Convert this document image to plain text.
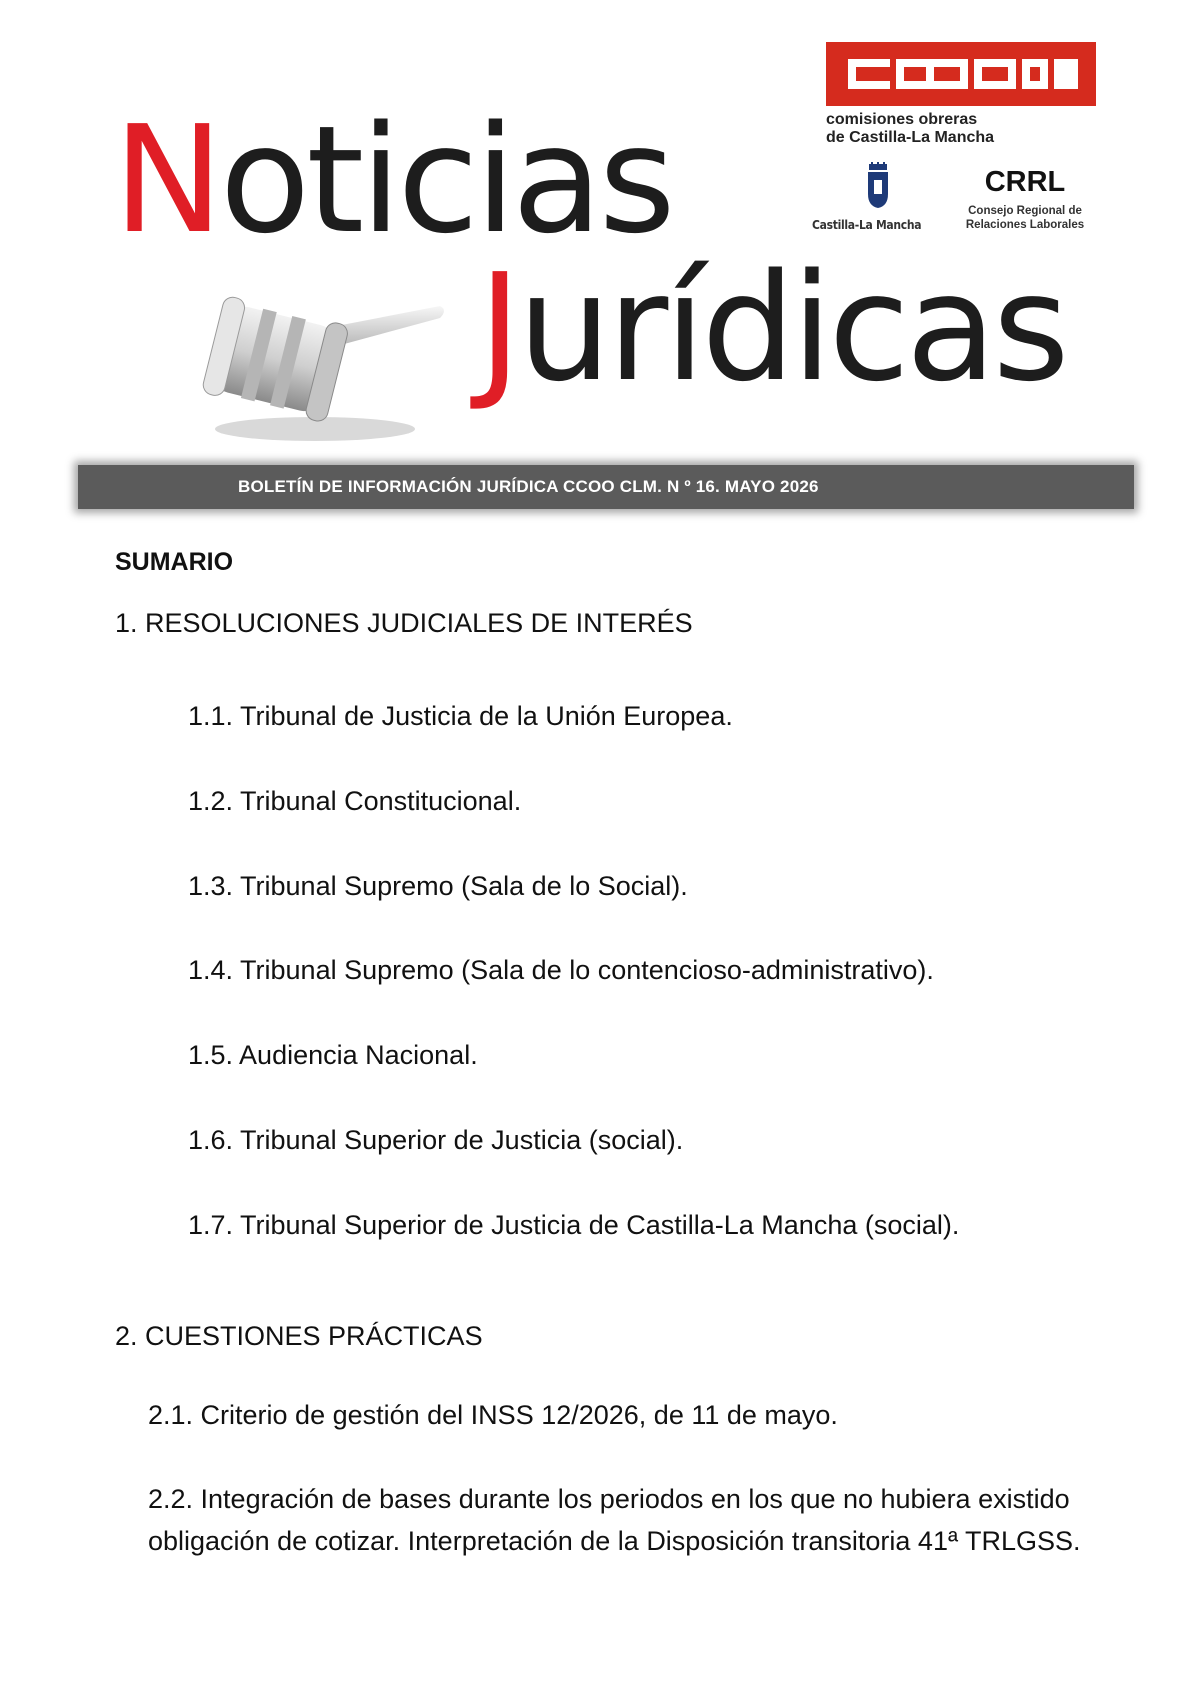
comisiones obreras
de Castilla-La Mancha
Castilla-La Mancha
CRRL
Consejo Regional de
Relaciones Laborales
Noticias
Jurídicas
BOLETÍN DE INFORMACIÓN JURÍDICA CCOO CLM. N º 16. MAYO 2026
SUMARIO
1. RESOLUCIONES JUDICIALES DE INTERÉS
1.1. Tribunal de Justicia de la Unión Europea.
1.2. Tribunal Constitucional.
1.3. Tribunal Supremo (Sala de lo Social).
1.4. Tribunal Supremo (Sala de lo contencioso-administrativo).
1.5. Audiencia Nacional.
1.6. Tribunal Superior de Justicia (social).
1.7. Tribunal Superior de Justicia de Castilla-La Mancha (social).
2. CUESTIONES PRÁCTICAS
2.1. Criterio de gestión del INSS 12/2026, de 11 de mayo.
2.2. Integración de bases durante los periodos en los que no hubiera existido obligación de cotizar. Interpretación de la Disposición transitoria 41ª TRLGSS.
